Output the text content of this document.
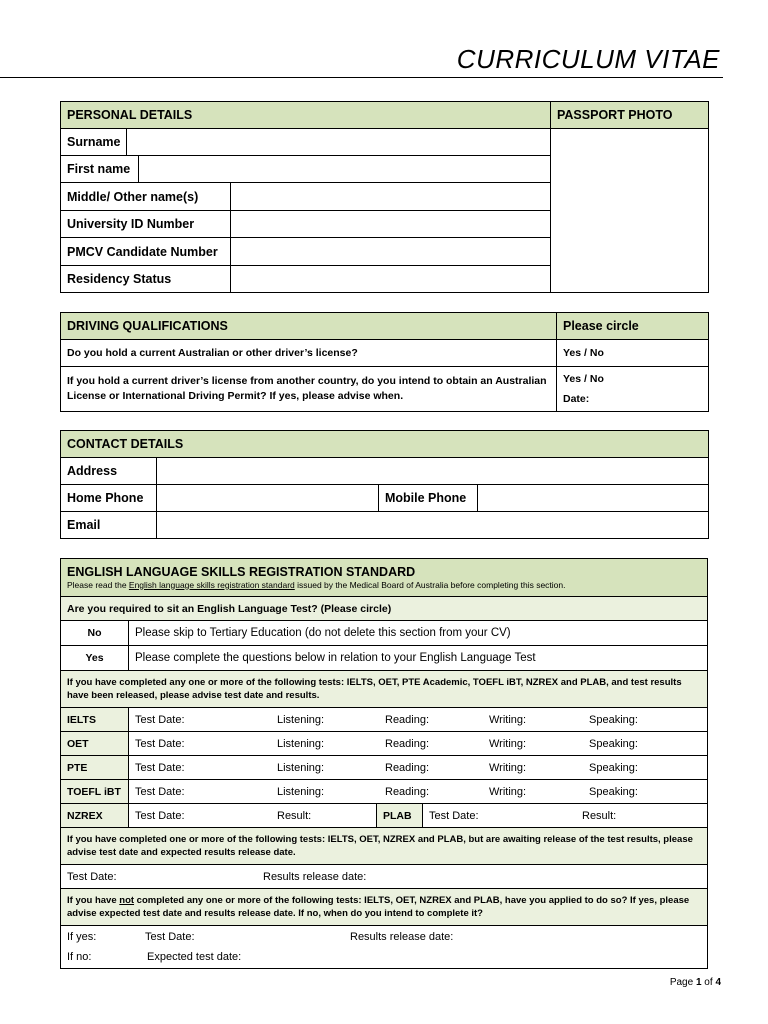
CURRICULUM VITAE
PERSONAL DETAILS				PASSPORT PHOTO
Surname				
First name				
Middle/ Other name(s)				
University ID Number				
PMCV Candidate Number				
Residency Status				
DRIVING QUALIFICATIONS	Please circle
Do you hold a current Australian or other driver’s license?	Yes / No
If you hold a current driver’s license from another country, do you intend to obtain an Australian License or International Driving Permit? If yes, please advise when.	Yes / No
Date:
CONTACT DETAILS			
Address			
Home Phone		Mobile Phone	
Email			
ENGLISH LANGUAGE SKILLS REGISTRATION STANDARD
Please read the English language skills registration standard issued by the Medical Board of Australia before completing this section.			

Are you required to sit an English Language Test? (Please circle)			
No	Please skip to Tertiary Education (do not delete this section from your CV)		
Yes	Please complete the questions below in relation to your English Language Test		
If you have completed any one or more of the following tests: IELTS, OET, PTE Academic, TOEFL iBT, NZREX and PLAB, and test results have been released, please advise test date and results.			
IELTS	Test Date: Listening: Reading: Writing: Speaking:		

OET	Test Date: Listening: Reading: Writing: Speaking:		

PTE	Test Date: Listening: Reading: Writing: Speaking:		

TOEFL iBT	Test Date: Listening: Reading: Writing: Speaking:		

NZREX	Test Date: Result:	PLAB	Test Date: Result:

If you have completed one or more of the following tests: IELTS, OET, NZREX and PLAB, but are awaiting release of the test results, please advise test date and expected results release date.			

Test Date: Results release date:			

If you have not completed any one or more of the following tests: IELTS, OET, NZREX and PLAB, have you applied to do so? If yes, please advise expected test date and results release date. If no, when do you intend to complete it?			

If yes: Test Date: Results release date:
If no: Expected test date:			
Page 1 of 4
